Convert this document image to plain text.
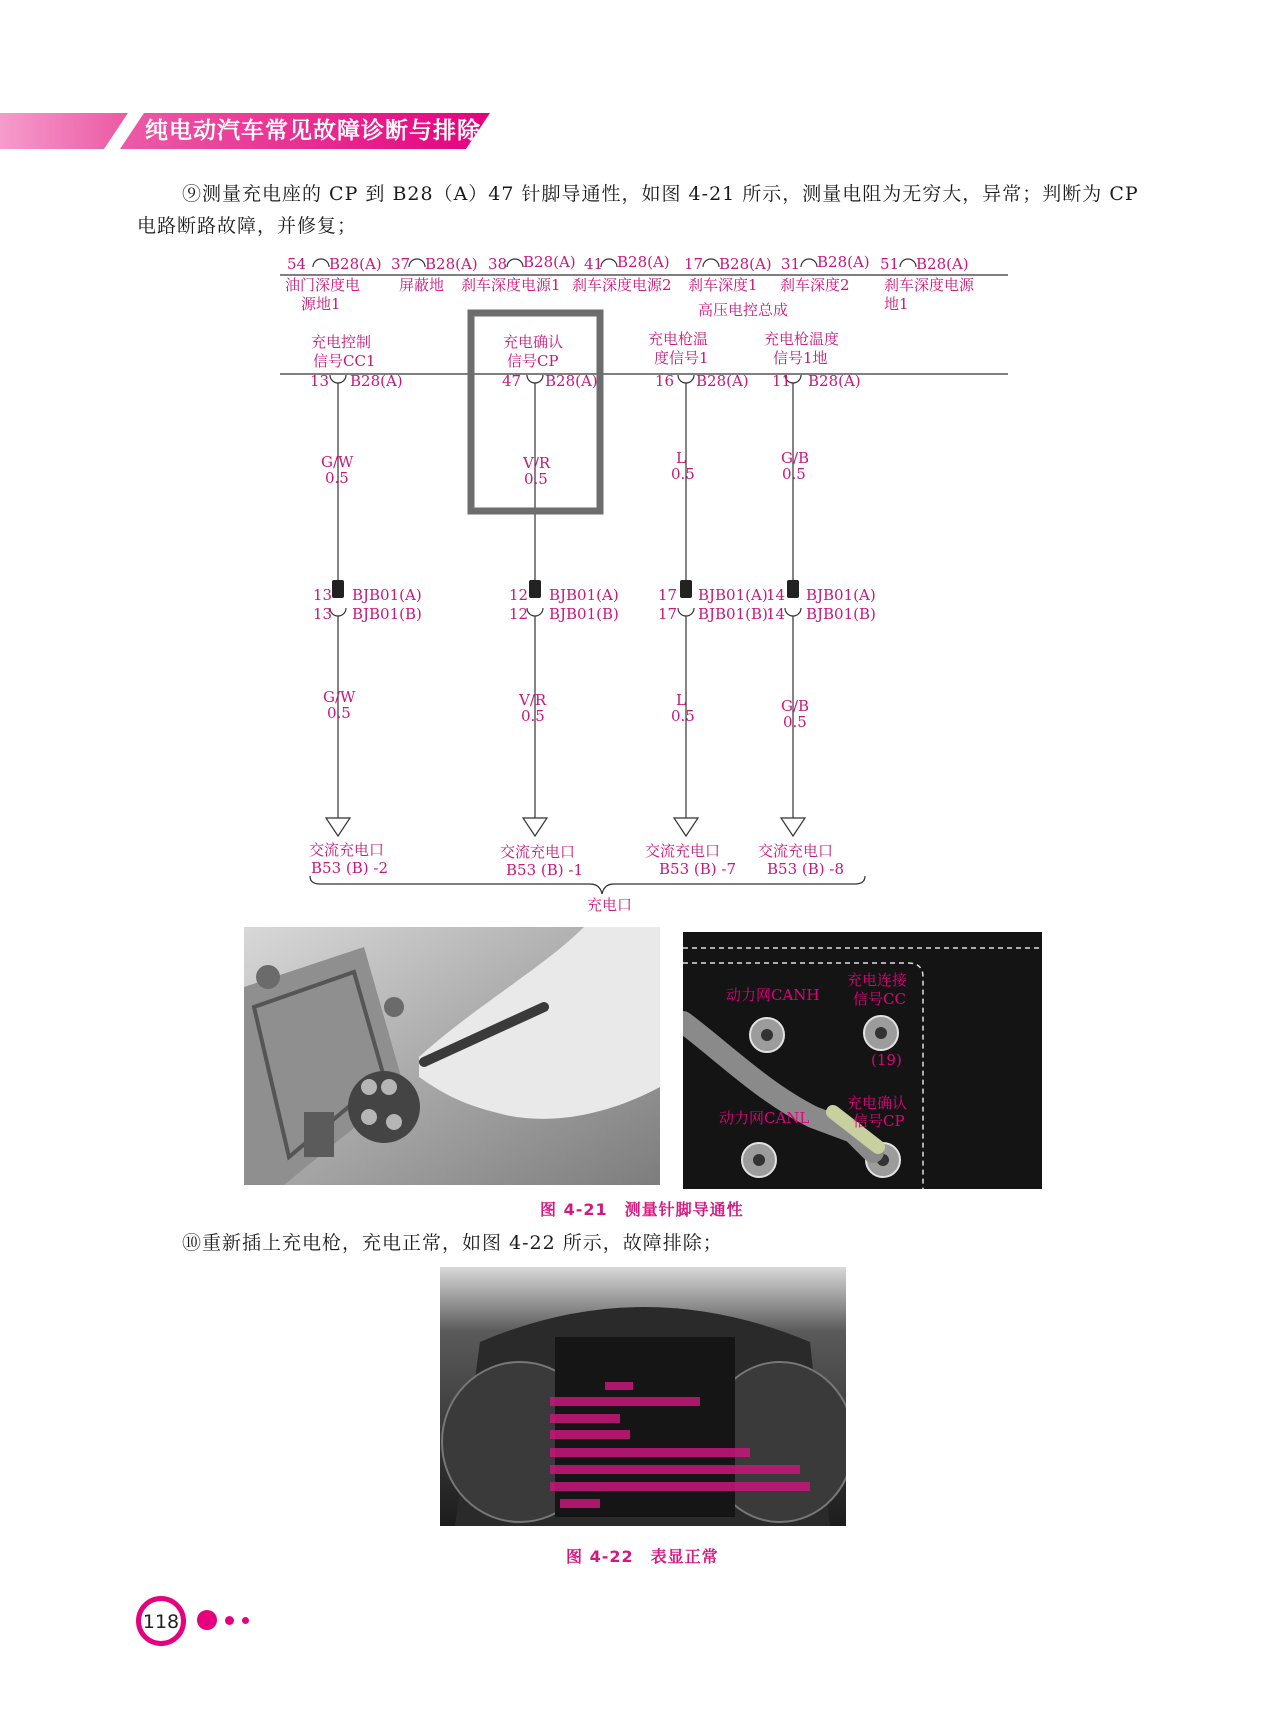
纯电动汽车常见故障诊断与排除
⑨测量充电座的 CP 到 B28（A）47 针脚导通性，如图 4-21 所示，测量电阻为无穷大，异常；判断为 CP 电路断路故障，并修复；
54 B28(A)
油门深度电
源地1
37 B28(A)
屏蔽地
38 B28(A)
刹车深度电源1
41 B28(A)
刹车深度电源2
17 B28(A)
刹车深度1
31 B28(A)
刹车深度2
51 B28(A)
刹车深度电源
地1
高压电控总成
充电控制
信号CC1
13 B28(A)
G/W
0.5
13 BJB01(A)
13 BJB01(B)
G/W
0.5
交流充电口
B53 (B) -2
充电确认
信号CP
47 B28(A)
V/R
0.5
12 BJB01(A)
12 BJB01(B)
V/R
0.5
交流充电口
B53 (B) -1
充电枪温
度信号1
16 B28(A)
L
0.5
17 BJB01(A)
17 BJB01(B)
L
0.5
交流充电口
B53 (B) -7
充电枪温度
信号1地
11 B28(A)
G/B
0.5
14 BJB01(A)
14 BJB01(B)
G/B
0.5
交流充电口
B53 (B) -8
充电口
动力网CANH
充电连接
信号CC
(19)
动力网CANL
充电确认
信号CP
图 4-21　测量针脚导通性
⑩重新插上充电枪，充电正常，如图 4-22 所示，故障排除；
图 4-22　表显正常
118
